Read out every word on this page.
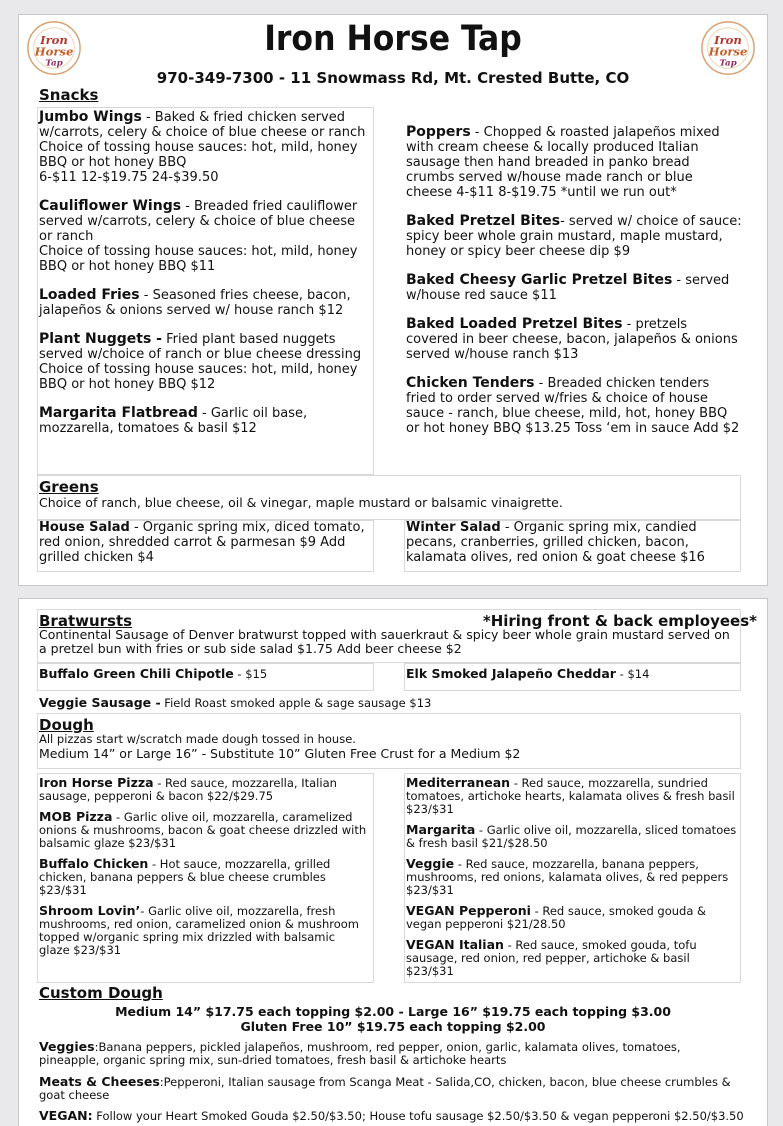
Iron
Horse
Tap
Iron
Horse
Tap
Iron Horse Tap
970-349-7300 - 11 Snowmass Rd, Mt. Crested Butte, CO
Snacks
Jumbo Wings - Baked & fried chicken served w/carrots, celery & choice of blue cheese or ranch
Choice of tossing house sauces: hot, mild, honey BBQ or hot honey BBQ
6-$11 12-$19.75 24-$39.50
Cauliflower Wings - Breaded fried cauliflower served w/carrots, celery & choice of blue cheese or ranch
Choice of tossing house sauces: hot, mild, honey BBQ or hot honey BBQ $11
Loaded Fries - Seasoned fries cheese, bacon, jalapeños & onions served w/ house ranch $12
Plant Nuggets - Fried plant based nuggets served w/choice of ranch or blue cheese dressing
Choice of tossing house sauces: hot, mild, honey BBQ or hot honey BBQ $12
Margarita Flatbread - Garlic oil base, mozzarella, tomatoes & basil $12
Poppers - Chopped & roasted jalapeños mixed with cream cheese & locally produced Italian sausage then hand breaded in panko bread crumbs served w/house made ranch or blue cheese 4-$11 8-$19.75 *until we run out*
Baked Pretzel Bites- served w/ choice of sauce: spicy beer whole grain mustard, maple mustard, honey or spicy beer cheese dip $9
Baked Cheesy Garlic Pretzel Bites - served w/house red sauce $11
Baked Loaded Pretzel Bites - pretzels covered in beer cheese, bacon, jalapeños & onions served w/house ranch $13
Chicken Tenders - Breaded chicken tenders fried to order served w/fries & choice of house sauce - ranch, blue cheese, mild, hot, honey BBQ or hot honey BBQ $13.25 Toss ‘em in sauce Add $2
Greens
Choice of ranch, blue cheese, oil & vinegar, maple mustard or balsamic vinaigrette.
House Salad - Organic spring mix, diced tomato, red onion, shredded carrot & parmesan $9 Add grilled chicken $4
Winter Salad - Organic spring mix, candied pecans, cranberries, grilled chicken, bacon, kalamata olives, red onion & goat cheese $16
Bratwursts	*Hiring front & back employees*
Continental Sausage of Denver bratwurst topped with sauerkraut & spicy beer whole grain mustard served on a pretzel bun with fries or sub side salad $1.75 Add beer cheese $2
Buffalo Green Chili Chipotle - $15	Elk Smoked Jalapeño Cheddar - $14
Veggie Sausage - Field Roast smoked apple & sage sausage $13
Dough
All pizzas start w/scratch made dough tossed in house.
Medium 14” or Large 16” - Substitute 10” Gluten Free Crust for a Medium $2
Iron Horse Pizza - Red sauce, mozzarella, Italian sausage, pepperoni & bacon $22/$29.75
MOB Pizza - Garlic olive oil, mozzarella, caramelized onions & mushrooms, bacon & goat cheese drizzled with balsamic glaze $23/$31
Buffalo Chicken - Hot sauce, mozzarella, grilled chicken, banana peppers & blue cheese crumbles $23/$31
Shroom Lovin’- Garlic olive oil, mozzarella, fresh mushrooms, red onion, caramelized onion & mushroom topped w/organic spring mix drizzled with balsamic glaze $23/$31
Mediterranean - Red sauce, mozzarella, sundried tomatoes, artichoke hearts, kalamata olives & fresh basil $23/$31
Margarita - Garlic olive oil, mozzarella, sliced tomatoes & fresh basil $21/$28.50
Veggie - Red sauce, mozzarella, banana peppers, mushrooms, red onions, kalamata olives, & red peppers $23/$31
VEGAN Pepperoni - Red sauce, smoked gouda & vegan pepperoni $21/28.50
VEGAN Italian - Red sauce, smoked gouda, tofu sausage, red onion, red pepper, artichoke & basil $23/$31
Custom Dough
Medium 14” $17.75 each topping $2.00 - Large 16” $19.75 each topping $3.00
Gluten Free 10” $19.75 each topping $2.00
Veggies:Banana peppers, pickled jalapeños, mushroom, red pepper, onion, garlic, kalamata olives, tomatoes, pineapple, organic spring mix, sun-dried tomatoes, fresh basil & artichoke hearts
Meats & Cheeses:Pepperoni, Italian sausage from Scanga Meat - Salida,CO, chicken, bacon, blue cheese crumbles & goat cheese
VEGAN: Follow your Heart Smoked Gouda $2.50/$3.50; House tofu sausage $2.50/$3.50 & vegan pepperoni $2.50/$3.50
